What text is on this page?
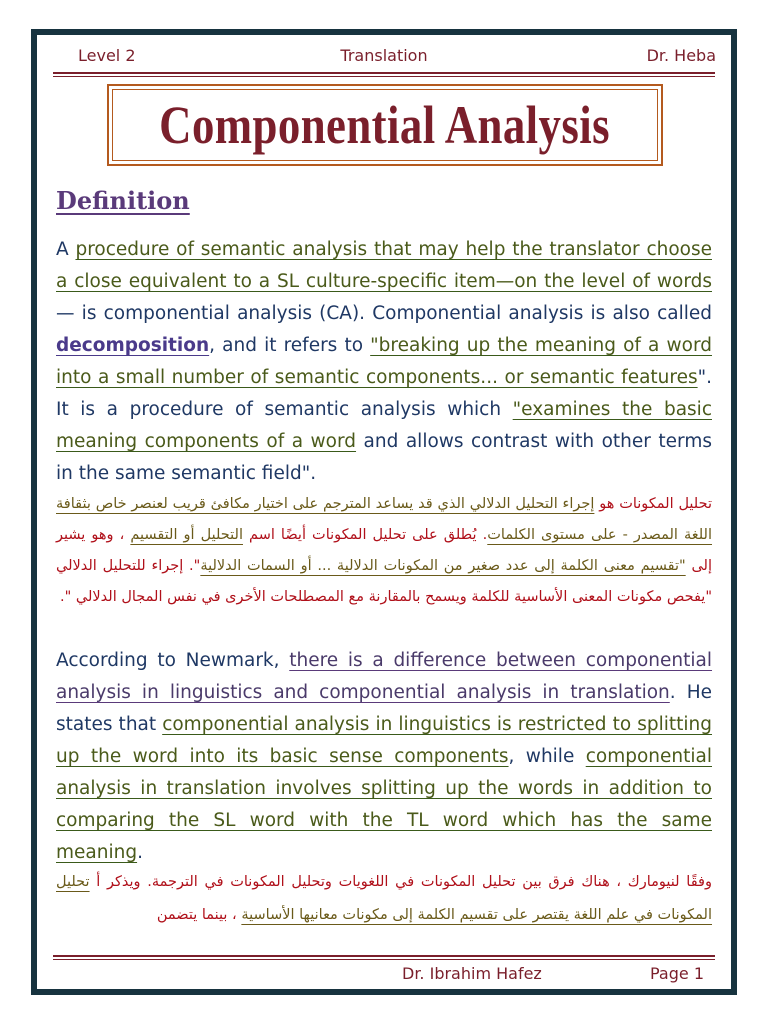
Level 2	Translation	Dr. Heba
Componential Analysis
Definition
A procedure of semantic analysis that may help the translator choose a close equivalent to a SL culture-specific item—on the level of words— is componential analysis (CA). Componential analysis is also called decomposition, and it refers to "breaking up the meaning of a word into a small number of semantic components... or semantic features". It is a procedure of semantic analysis which "examines the basic meaning components of a word and allows contrast with other terms in the same semantic field".
تحليل المكونات هو إجراء التحليل الدلالي الذي قد يساعد المترجم على اختيار مكافئ قريب لعنصر خاص بثقافة اللغة المصدر - على مستوى الكلمات. يُطلق على تحليل المكونات أيضًا اسم التحليل أو التقسيم ، وهو يشير إلى "تقسيم معنى الكلمة إلى عدد صغير من المكونات الدلالية ... أو السمات الدلالية". إجراء للتحليل الدلالي "يفحص مكونات المعنى الأساسية للكلمة ويسمح بالمقارنة مع المصطلحات الأخرى في نفس المجال الدلالي ".
According to Newmark, there is a difference between componential analysis in linguistics and componential analysis in translation. He states that componential analysis in linguistics is restricted to splitting up the word into its basic sense components, while componential analysis in translation involves splitting up the words in addition to comparing the SL word with the TL word which has the same meaning.
وفقًا لنيومارك ، هناك فرق بين تحليل المكونات في اللغويات وتحليل المكونات في الترجمة. ويذكر أ تحليل المكونات في علم اللغة يقتصر على تقسيم الكلمة إلى مكونات معانيها الأساسية ، بينما يتضمن
Dr. Ibrahim Hafez	Page 1
